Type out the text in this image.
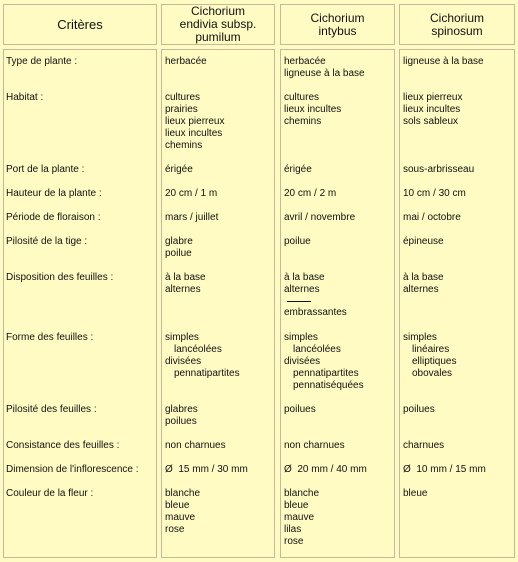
Critères
Cichorium
endivia subsp.
pumilum
Cichorium
intybus
Cichorium
spinosum
Type de plante :
Habitat :
Port de la plante :
Hauteur de la plante :
Période de floraison :
Pilosité de la tige :
Disposition des feuilles :
Forme des feuilles :
Pilosité des feuilles :
Consistance des feuilles :
Dimension de l'inflorescence :
Couleur de la fleur :
herbacée
cultures
prairies
lieux pierreux
lieux incultes
chemins
érigée
20 cm / 1 m
mars / juillet
glabre
poilue
à la base
alternes
simples
lancéolées
divisées
pennatipartites
glabres
poilues
non charnues
Ø  15 mm / 30 mm
blanche
bleue
mauve
rose
herbacée
ligneuse à la base
cultures
lieux incultes
chemins
érigée
20 cm / 2 m
avril / novembre
poilue
à la base
alternes
embrassantes
simples
lancéolées
divisées
pennatipartites
pennatiséquées
poilues
non charnues
Ø  20 mm / 40 mm
blanche
bleue
mauve
lilas
rose
ligneuse à la base
lieux pierreux
lieux incultes
sols sableux
sous-arbrisseau
10 cm / 30 cm
mai / octobre
épineuse
à la base
alternes
simples
linéaires
elliptiques
obovales
poilues
charnues
Ø  10 mm / 15 mm
bleue
